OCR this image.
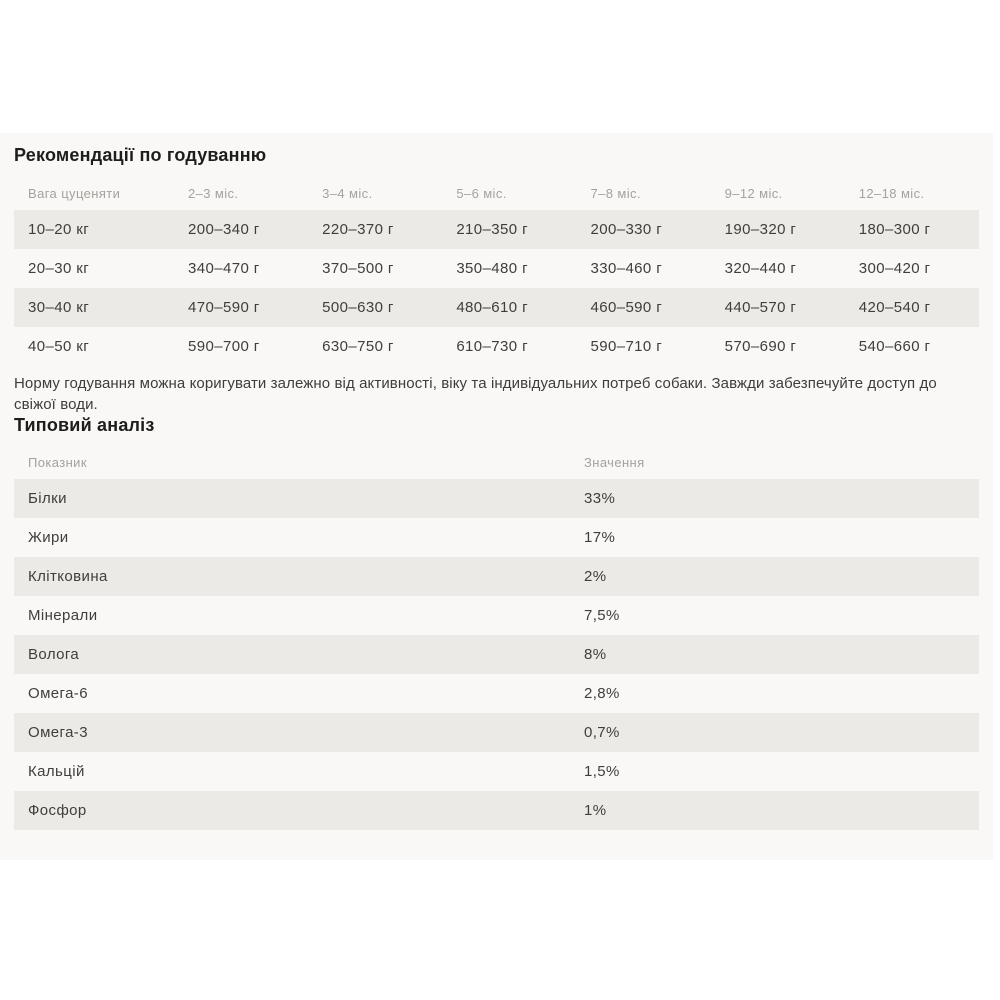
Рекомендації по годуванню
Вага цуценяти	2–3 міс.	3–4 міс.	5–6 міс.	7–8 міс.	9–12 міс.	12–18 міс.
10–20 кг	200–340 г	220–370 г	210–350 г	200–330 г	190–320 г	180–300 г
20–30 кг	340–470 г	370–500 г	350–480 г	330–460 г	320–440 г	300–420 г
30–40 кг	470–590 г	500–630 г	480–610 г	460–590 г	440–570 г	420–540 г
40–50 кг	590–700 г	630–750 г	610–730 г	590–710 г	570–690 г	540–660 г

Норму годування можна коригувати залежно від активності, віку та індивідуальних потреб собаки. Завжди забезпечуйте доступ до
свіжої води.

Типовий аналіз
Показник	Значення
Білки	33%
Жири	17%
Клітковина	2%
Мінерали	7,5%
Волога	8%
Омега-6	2,8%
Омега-3	0,7%
Кальцій	1,5%
Фосфор	1%
